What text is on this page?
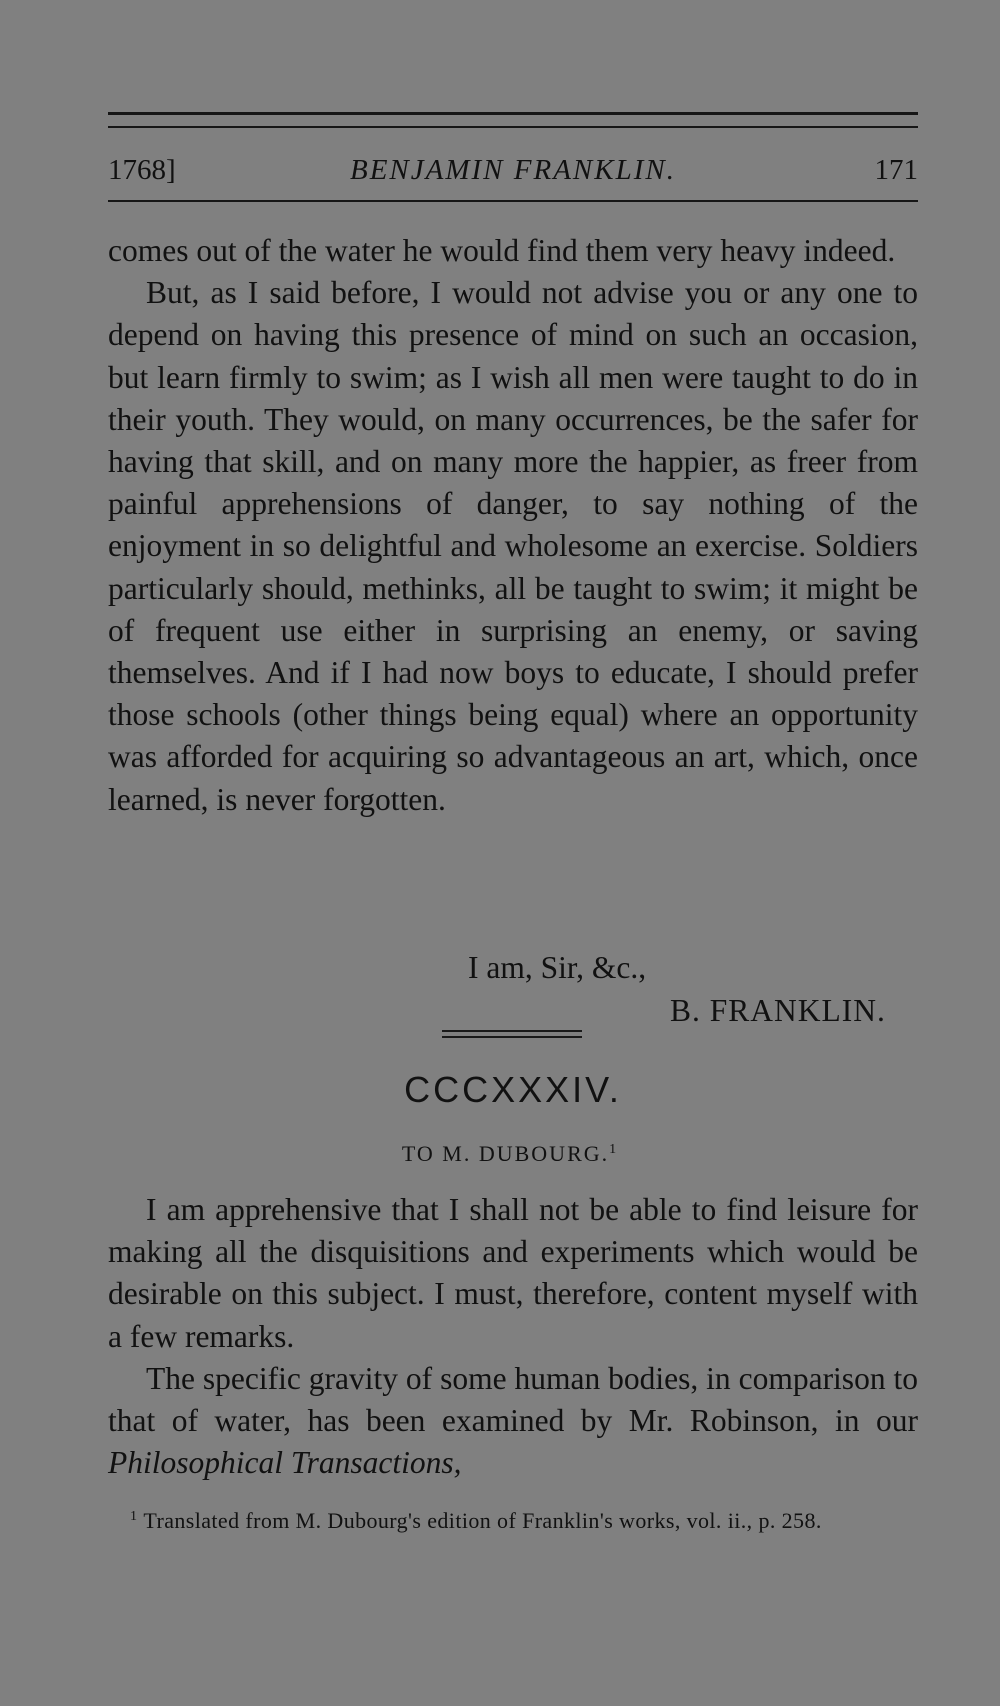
1768]	BENJAMIN FRANKLIN.	171

comes out of the water he would find them very heavy indeed.

But, as I said before, I would not advise you or any one to depend on having this presence of mind on such an occasion, but learn firmly to swim; as I wish all men were taught to do in their youth. They would, on many occurrences, be the safer for having that skill, and on many more the happier, as freer from painful apprehensions of danger, to say nothing of the enjoyment in so delightful and wholesome an exercise. Soldiers particularly should, methinks, all be taught to swim; it might be of frequent use either in surprising an enemy, or saving themselves. And if I had now boys to educate, I should prefer those schools (other things being equal) where an opportunity was afforded for acquiring so advantageous an art, which, once learned, is never forgotten.

I am, Sir, &c.,
B. FRANKLIN.
CCCXXXIV.
TO M. DUBOURG.$^1$

I am apprehensive that I shall not be able to find leisure for making all the disquisitions and experiments which would be desirable on this subject. I must, therefore, content myself with a few remarks.

The specific gravity of some human bodies, in comparison to that of water, has been examined by Mr. Robinson, in our Philosophical Transactions,

$^1$ Translated from M. Dubourg's edition of Franklin's works, vol. ii., p. 258.
